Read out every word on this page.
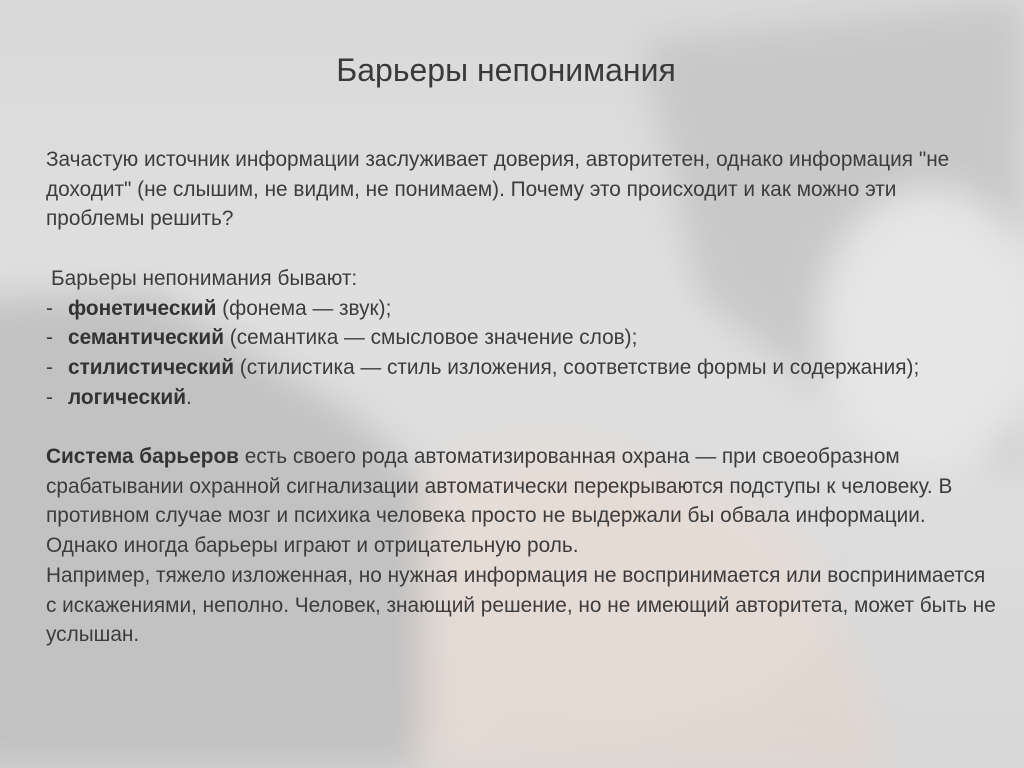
Барьеры непонимания

Зачастую источник информации заслуживает доверия, авторитетен, однако информация "не доходит" (не слышим, не видим, не понимаем). Почему это происходит и как можно эти проблемы решить?

Барьеры непонимания бывают:

- фонетический (фонема — звук);

- семантический (семантика — смысловое значение слов);

- стилистический (стилистика — стиль изложения, соответствие формы и содержания);

- логический.

Система барьеров есть своего рода автоматизированная охрана — при своеобразном срабатывании охранной сигнализации автоматически перекрываются подступы к человеку. В противном случае мозг и психика человека просто не выдержали бы обвала информации. Однако иногда барьеры играют и отрицательную роль.

Например, тяжело изложенная, но нужная информация не воспринимается или воспринимается с искажениями, неполно. Человек, знающий решение, но не имеющий авторитета, может быть не услышан.
